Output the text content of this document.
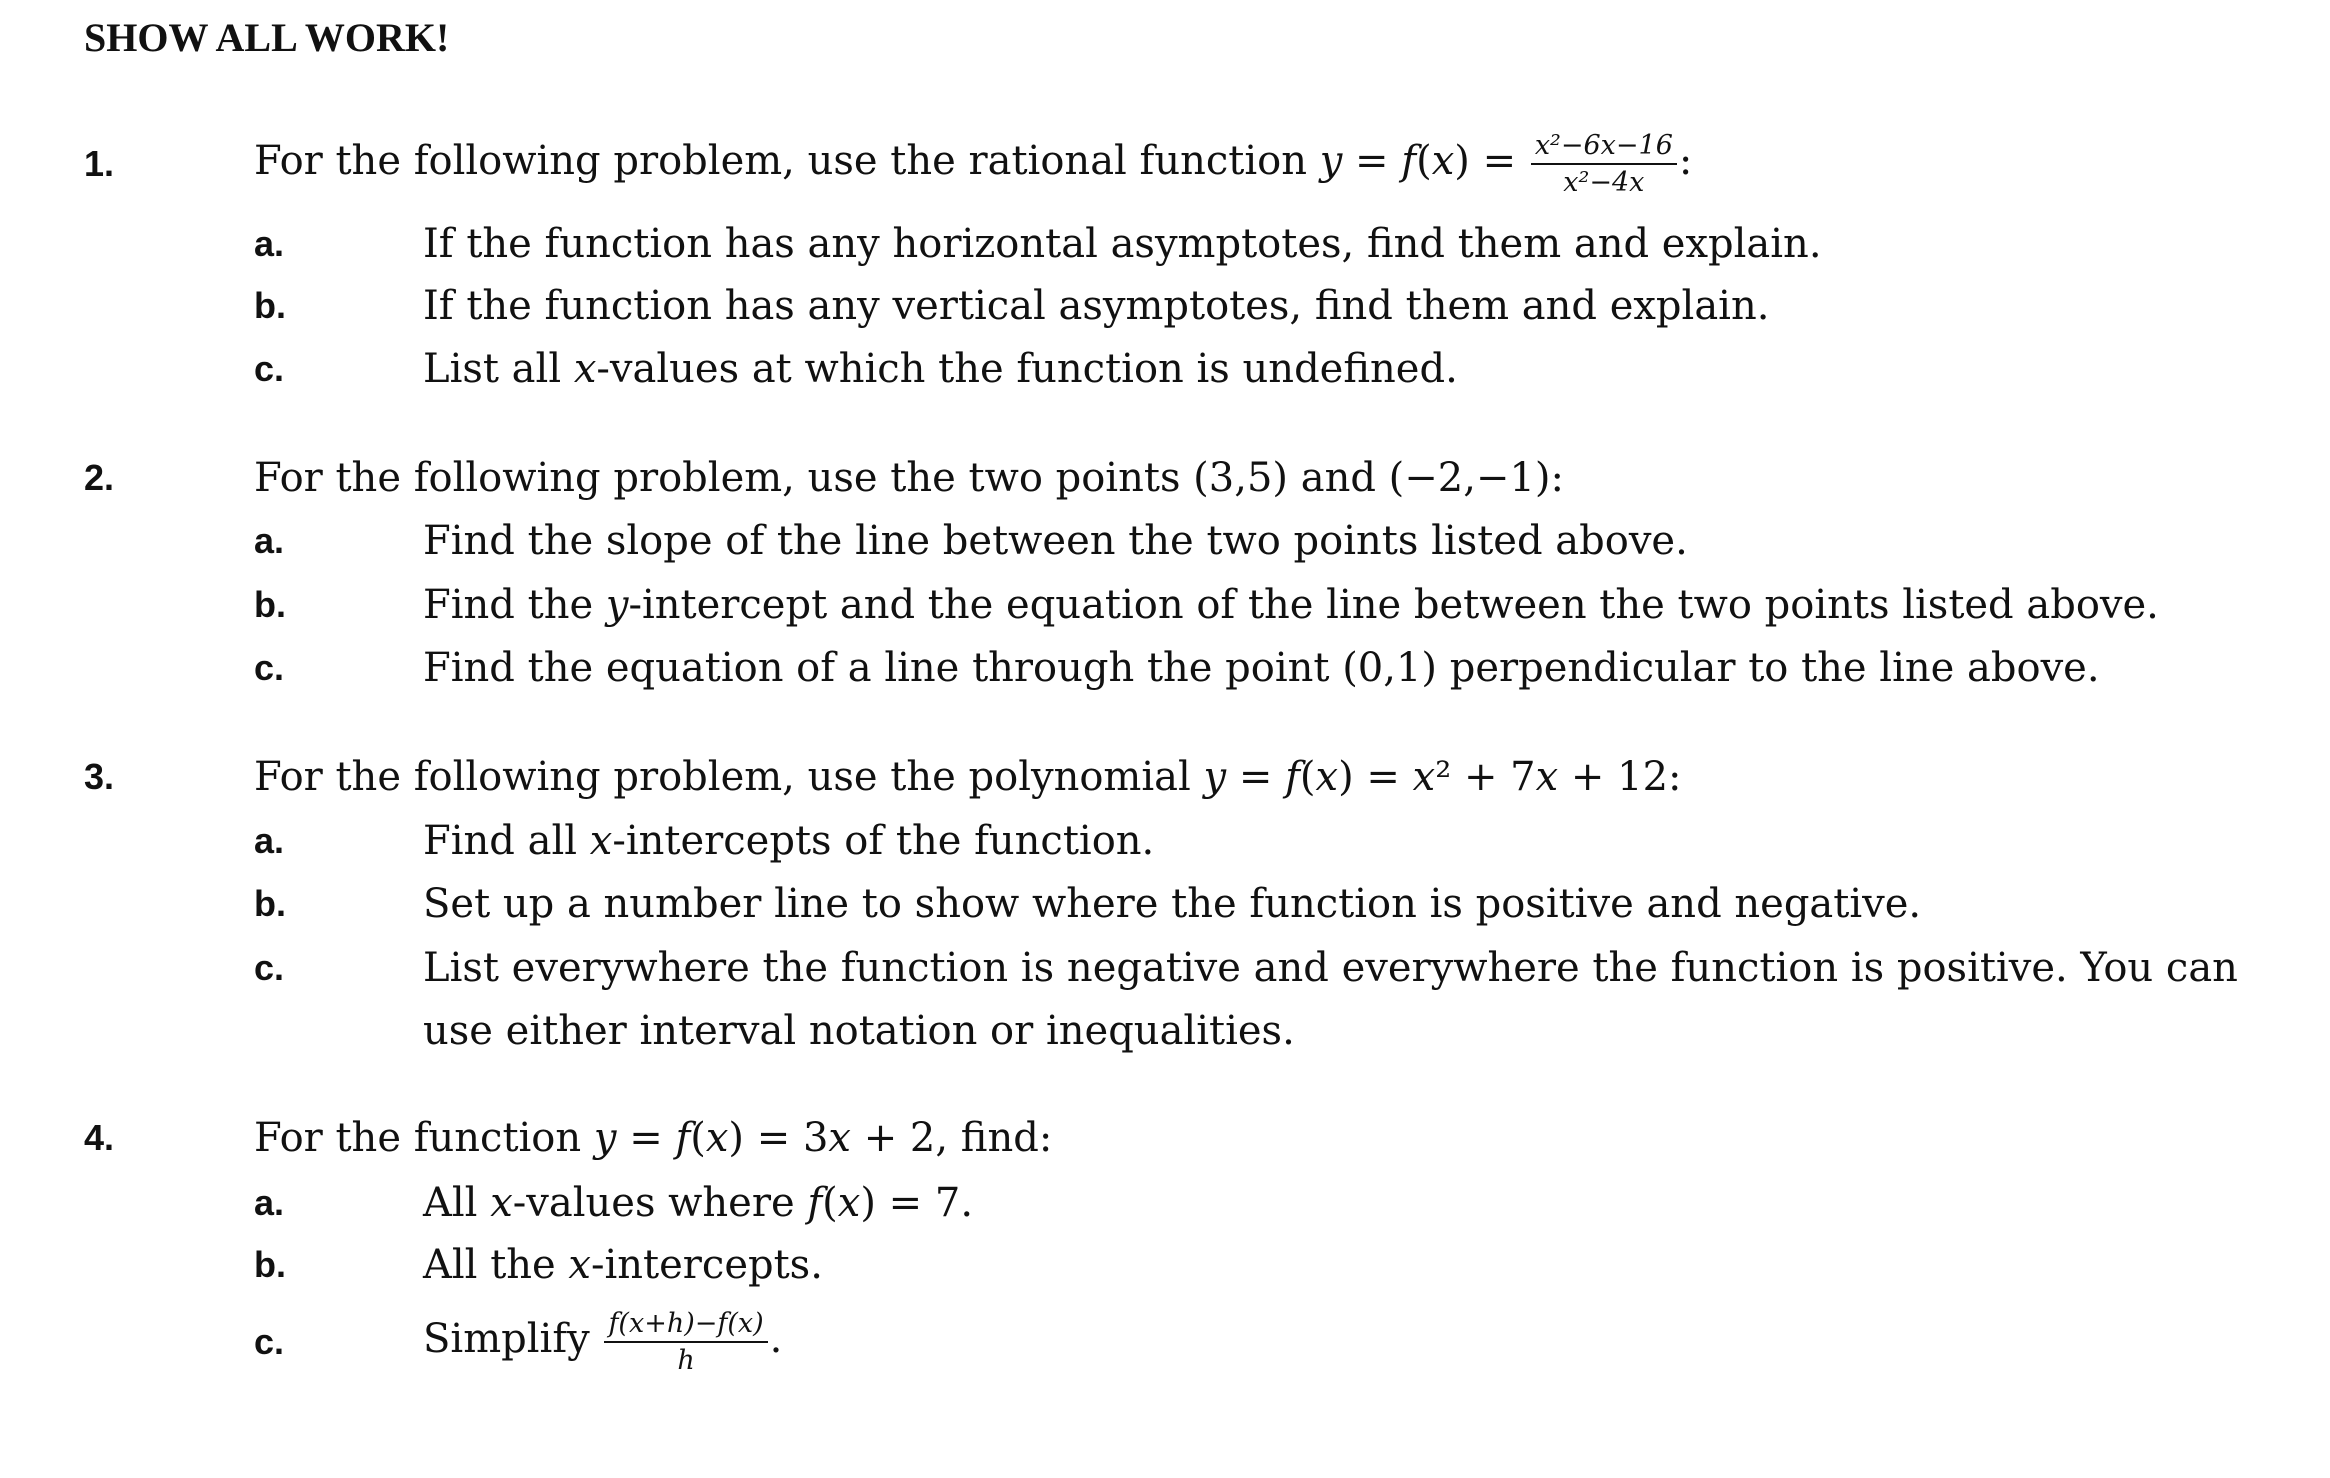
SHOW ALL WORK!
1.	For the following problem, use the rational function $y = f(x) = \frac{\text{x²−6x−16}}{\text{x²−4x}}$ :
a.	If the function has any horizontal asymptotes, find them and explain.
b.	If the function has any vertical asymptotes, find them and explain.
c.	List all x-values at which the function is undefined.
2.	For the following problem, use the two points (3,5) and (−2,−1):
a.	Find the slope of the line between the two points listed above.
b.	Find the y-intercept and the equation of the line between the two points listed above.
c.	Find the equation of a line through the point (0,1) perpendicular to the line above.
3.	For the following problem, use the polynomial y = f(x) = x² + 7x + 12:
a.	Find all x-intercepts of the function.
b.	Set up a number line to show where the function is positive and negative.
c.	List everywhere the function is negative and everywhere the function is positive. You can
use either interval notation or inequalities.
4.	For the function y = f(x) = 3x + 2, find:
a.	All x-values where f(x) = 7.
b.	All the x-intercepts.
c.	Simplify $\frac{f(x+h)-f(x)}{h}$ .
